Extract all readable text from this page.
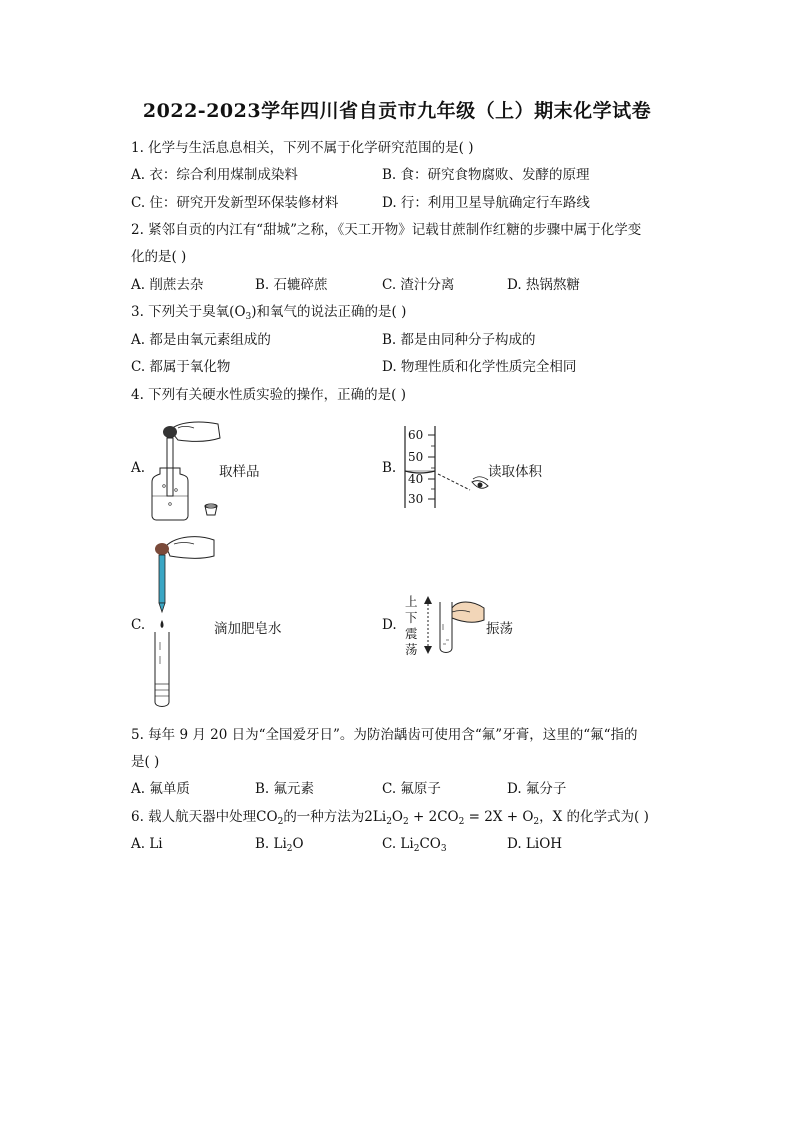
2022-2023学年四川省自贡市九年级（上）期末化学试卷
1. 化学与生活息息相关，下列不属于化学研究范围的是( )
A. 衣：综合利用煤制成染料	B. 食：研究食物腐败、发酵的原理
C. 住：研究开发新型环保装修材料	D. 行：利用卫星导航确定行车路线
2. 紧邻自贡的内江有“甜城”之称，《天工开物》记载甘蔗制作红糖的步骤中属于化学变
化的是( )
A. 削蔗去杂	B. 石辘碎蔗	C. 渣汁分离	D. 热锅熬糖
3. 下列关于臭氧$(O_3)$和氧气的说法正确的是( )
A. 都是由氧元素组成的	B. 都是由同种分子构成的
C. 都属于氧化物	D. 物理性质和化学性质完全相同
4. 下列有关硬水性质实验的操作，正确的是( )
A.	取样品	B.
60
50
40
30
读取体积
C.	滴加肥皂水	D.
上
下
震
荡
振荡
5. 每年 9 月 20 日为“全国爱牙日”。为防治龋齿可使用含“氟”牙膏，这里的“氟“指的
是( )
A. 氟单质	B. 氟元素	C. 氟原子	D. 氟分子
6. 载人航天器中处理$CO_2$的一种方法为$2Li_2O_2 + 2CO_2 = 2X + O_2$，X 的化学式为( )
A. Li	B. $Li_2O$	C. $Li_2CO_3$	D. LiOH
